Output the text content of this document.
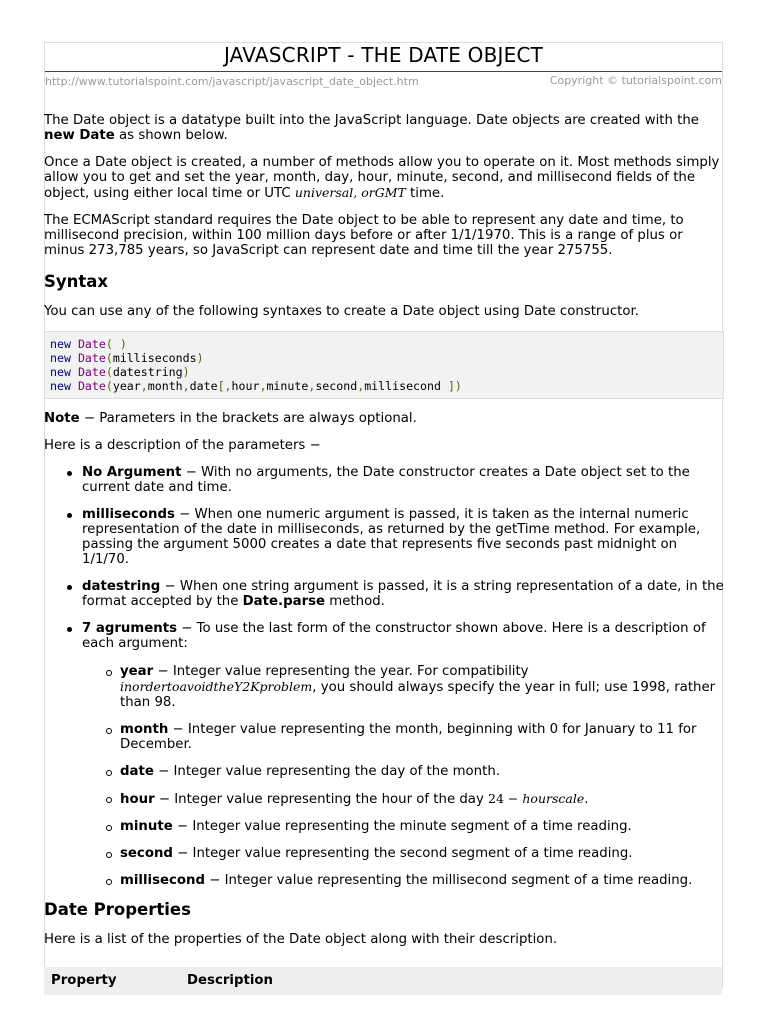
JAVASCRIPT - THE DATE OBJECT
http://www.tutorialspoint.com/javascript/javascript_date_object.htm	Copyright © tutorialspoint.com

The Date object is a datatype built into the JavaScript language. Date objects are created with the new Date as shown below.

Once a Date object is created, a number of methods allow you to operate on it. Most methods simply allow you to get and set the year, month, day, hour, minute, second, and millisecond fields of the object, using either local time or UTC universal, orGMT time.

The ECMAScript standard requires the Date object to be able to represent any date and time, to millisecond precision, within 100 million days before or after 1/1/1970. This is a range of plus or minus 273,785 years, so JavaScript can represent date and time till the year 275755.

Syntax

You can use any of the following syntaxes to create a Date object using Date constructor.

new Date( )
new Date(milliseconds)
new Date(datestring)
new Date(year,month,date[,hour,minute,second,millisecond ])

Note − Parameters in the brackets are always optional.

Here is a description of the parameters −

No Argument − With no arguments, the Date constructor creates a Date object set to the current date and time.
milliseconds − When one numeric argument is passed, it is taken as the internal numeric representation of the date in milliseconds, as returned by the getTime method. For example, passing the argument 5000 creates a date that represents five seconds past midnight on 1/1/70.
datestring − When one string argument is passed, it is a string representation of a date, in the format accepted by the Date.parse method.
7 agruments − To use the last form of the constructor shown above. Here is a description of each argument:
year − Integer value representing the year. For compatibility inordertoavoidtheY2Kproblem, you should always specify the year in full; use 1998, rather than 98.
month − Integer value representing the month, beginning with 0 for January to 11 for December.
date − Integer value representing the day of the month.
hour − Integer value representing the hour of the day 24 − hourscale.
minute − Integer value representing the minute segment of a time reading.
second − Integer value representing the second segment of a time reading.
millisecond − Integer value representing the millisecond segment of a time reading.
Date Properties

Here is a list of the properties of the Date object along with their description.

Property	Description
